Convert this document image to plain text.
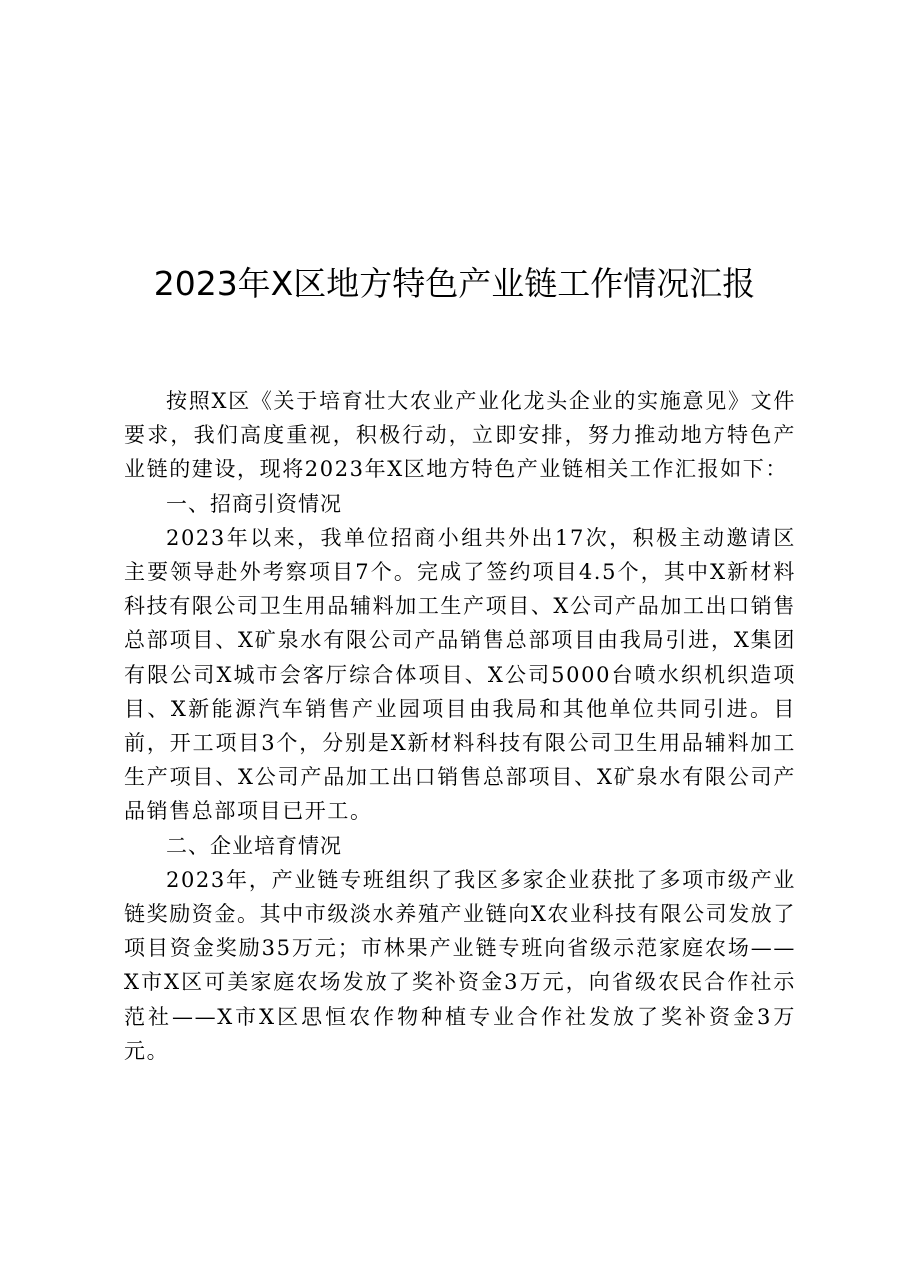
2023年X区地方特色产业链工作情况汇报

按照X区《关于培育壮大农业产业化龙头企业的实施意见》文件要求，我们高度重视，积极行动，立即安排，努力推动地方特色产业链的建设，现将2023年X区地方特色产业链相关工作汇报如下：

一、招商引资情况

2023年以来，我单位招商小组共外出17次，积极主动邀请区主要领导赴外考察项目7个。完成了签约项目4.5个，其中X新材料科技有限公司卫生用品辅料加工生产项目、X公司产品加工出口销售总部项目、X矿泉水有限公司产品销售总部项目由我局引进，X集团有限公司X城市会客厅综合体项目、X公司5000台喷水织机织造项目、X新能源汽车销售产业园项目由我局和其他单位共同引进。目前，开工项目3个，分别是X新材料科技有限公司卫生用品辅料加工生产项目、X公司产品加工出口销售总部项目、X矿泉水有限公司产品销售总部项目已开工。

二、企业培育情况

2023年，产业链专班组织了我区多家企业获批了多项市级产业链奖励资金。其中市级淡水养殖产业链向X农业科技有限公司发放了项目资金奖励35万元；市林果产业链专班向省级示范家庭农场——X市X区可美家庭农场发放了奖补资金3万元，向省级农民合作社示范社——X市X区思恒农作物种植专业合作社发放了奖补资金3万元。
